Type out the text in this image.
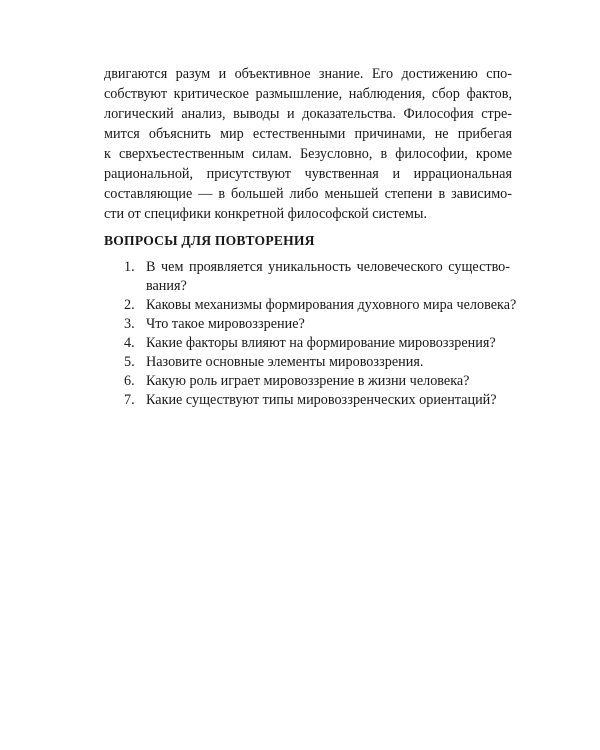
двигаются разум и объективное знание. Его достижению спо-
собствуют критическое размышление, наблюдения, сбор фактов,
логический анализ, выводы и доказательства. Философия стре-
мится объяснить мир естественными причинами, не прибегая
к сверхъестественным силам. Безусловно, в философии, кроме
рациональной, присутствуют чувственная и иррациональная
составляющие — в большей либо меньшей степени в зависимо-
сти от специфики конкретной философской системы.
ВОПРОСЫ ДЛЯ ПОВТОРЕНИЯ
1. В чем проявляется уникальность человеческого существо-
вания?
2. Каковы механизмы формирования духовного мира человека?
3. Что такое мировоззрение?
4. Какие факторы влияют на формирование мировоззрения?
5. Назовите основные элементы мировоззрения.
6. Какую роль играет мировоззрение в жизни человека?
7. Какие существуют типы мировоззренческих ориентаций?
